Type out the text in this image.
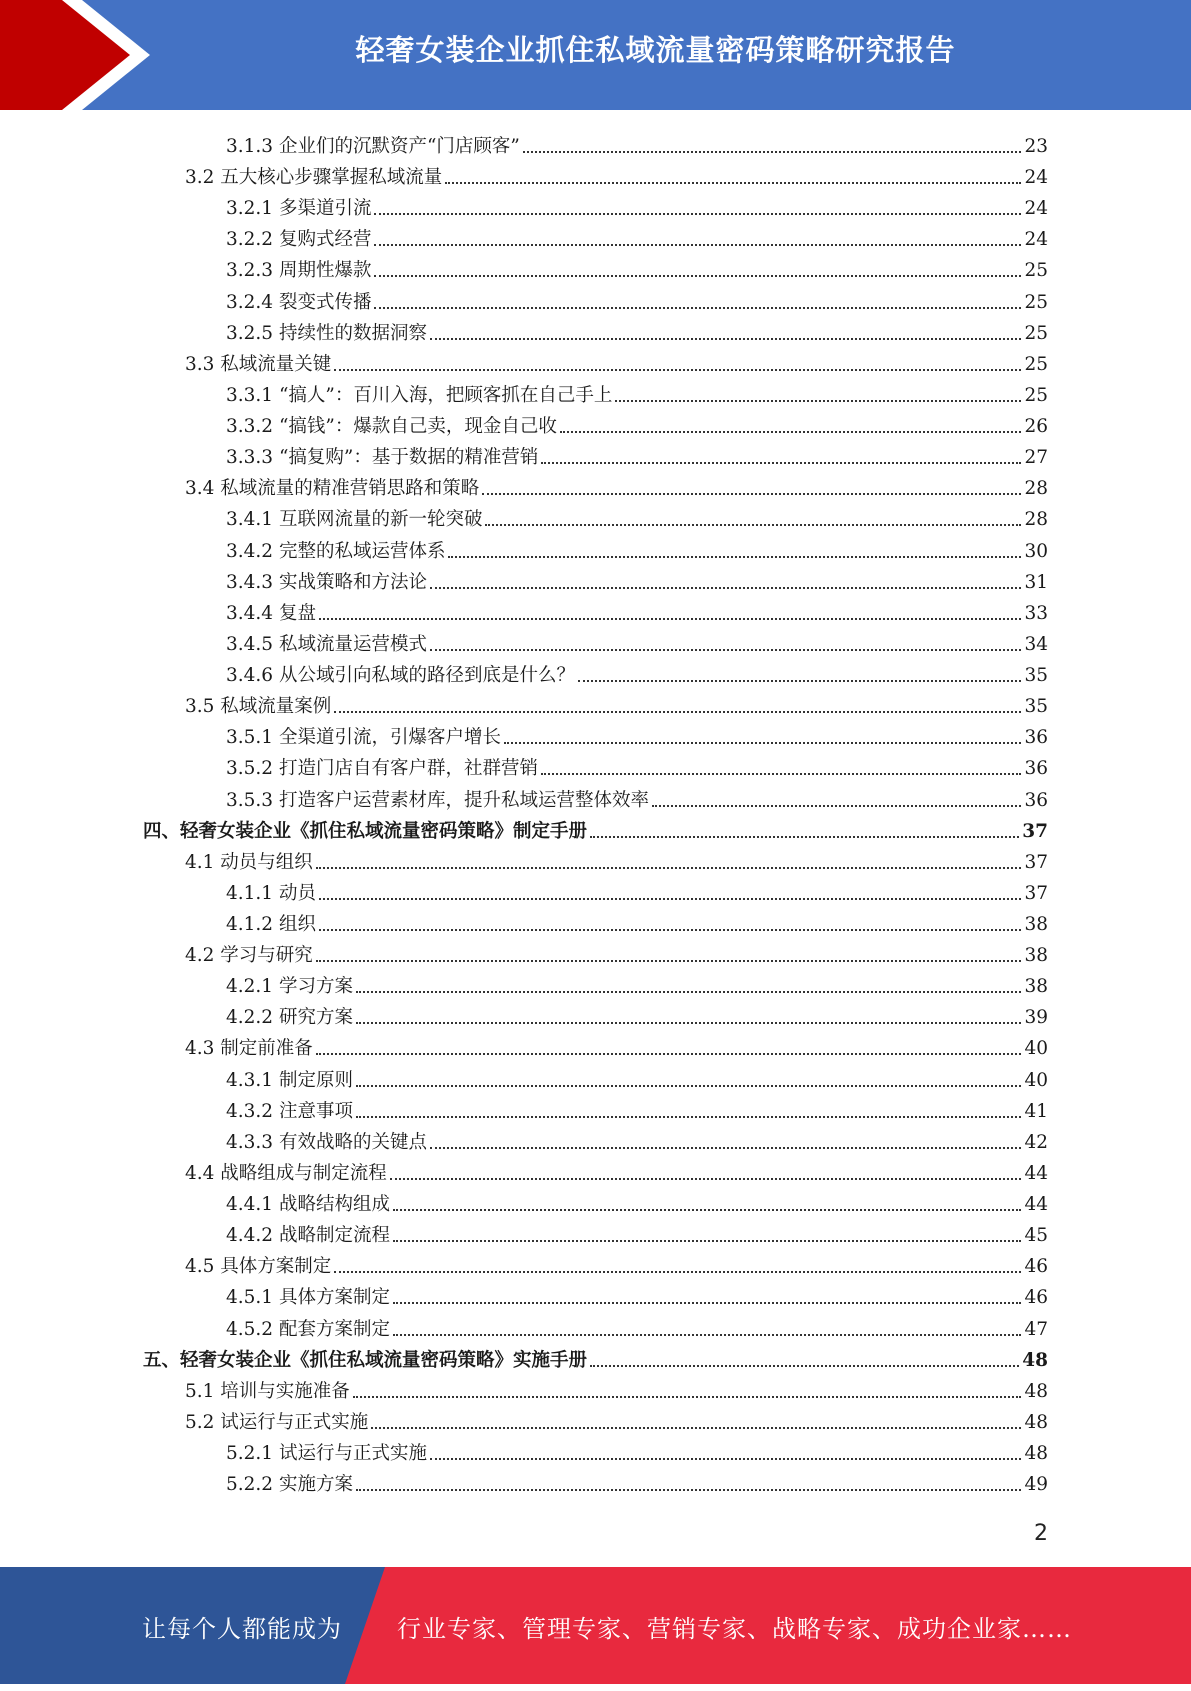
轻奢女装企业抓住私域流量密码策略研究报告
3.1.3 企业们的沉默资产“门店顾客”	23
3.2 五大核心步骤掌握私域流量	24
3.2.1 多渠道引流	24
3.2.2 复购式经营	24
3.2.3 周期性爆款	25
3.2.4 裂变式传播	25
3.2.5 持续性的数据洞察	25
3.3 私域流量关键	25
3.3.1 “搞人”：百川入海，把顾客抓在自己手上	25
3.3.2 “搞钱”：爆款自己卖，现金自己收	26
3.3.3 “搞复购”：基于数据的精准营销	27
3.4 私域流量的精准营销思路和策略	28
3.4.1 互联网流量的新一轮突破	28
3.4.2 完整的私域运营体系	30
3.4.3 实战策略和方法论	31
3.4.4 复盘	33
3.4.5 私域流量运营模式	34
3.4.6 从公域引向私域的路径到底是什么？	35
3.5 私域流量案例	35
3.5.1 全渠道引流，引爆客户增长	36
3.5.2 打造门店自有客户群，社群营销	36
3.5.3 打造客户运营素材库，提升私域运营整体效率	36
四、轻奢女装企业《抓住私域流量密码策略》制定手册	37
4.1 动员与组织	37
4.1.1 动员	37
4.1.2 组织	38
4.2 学习与研究	38
4.2.1 学习方案	38
4.2.2 研究方案	39
4.3 制定前准备	40
4.3.1 制定原则	40
4.3.2 注意事项	41
4.3.3 有效战略的关键点	42
4.4 战略组成与制定流程	44
4.4.1 战略结构组成	44
4.4.2 战略制定流程	45
4.5 具体方案制定	46
4.5.1 具体方案制定	46
4.5.2 配套方案制定	47
五、轻奢女装企业《抓住私域流量密码策略》实施手册	48
5.1 培训与实施准备	48
5.2 试运行与正式实施	48
5.2.1 试运行与正式实施	48
5.2.2 实施方案	49
2
让每个人都能成为 行业专家、管理专家、营销专家、战略专家、成功企业家……
